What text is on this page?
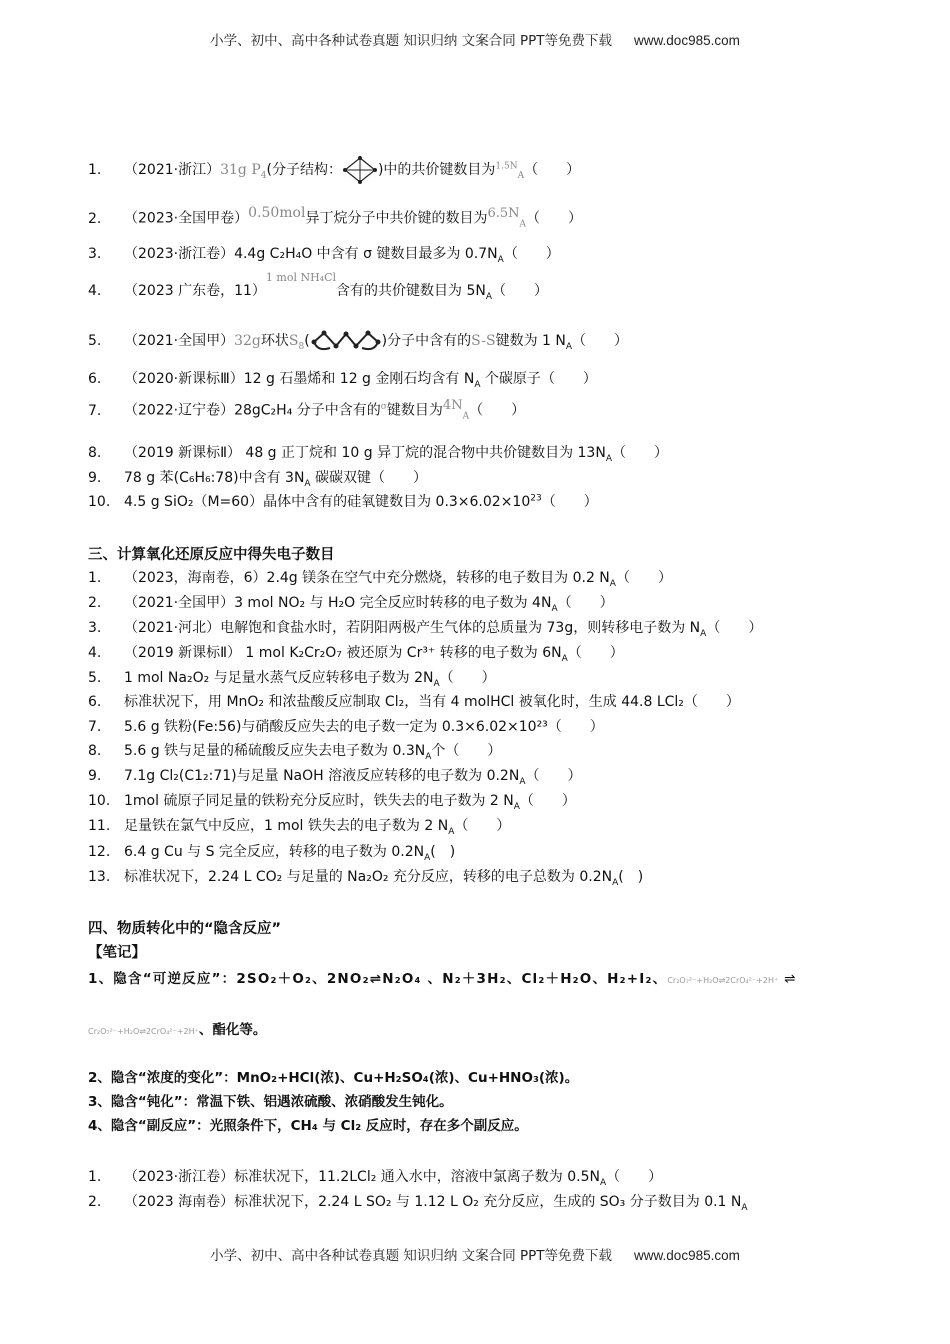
小学、初中、高中各种试卷真题 知识归纳 文案合同 PPT等免费下载 www.doc985.com
1. （2021·浙江）31g $P_4$(分子结构：	)中的共价键数目为$^{1.5N}_A$（　　）
2. （2023·全国甲卷）$^{0.50mol}$异丁烷分子中共价键的数目为$^{6.5N}_A$（　　）
3. （2023·浙江卷）4.4g C₂H₄O 中含有 σ 键数目最多为 $0.7N_A$（　　）
4. （2023 广东卷，11）$^{1 mol NH_4Cl}$含有的共价键数目为 $5N_A$（　　）
5. （2021·全国甲）32g环状$S_8$(	)分子中含有的S-S键数为 1 $N_A$（　　）
6. （2020·新课标Ⅲ）12 g 石墨烯和 12 g 金刚石均含有 $N_A$ 个碳原子（　　）
7. （2022·辽宁卷）28gC₂H₄ 分子中含有的$^\sigma$键数目为$^{4N}_A$（　　）
8. （2019 新课标Ⅱ） 48 g 正丁烷和 10 g 异丁烷的混合物中共价键数目为 $13N_A$（　　）
9. 78 g 苯(C₆H₆:78)中含有 $3N_A$ 碳碳双键（　　）
10. 4.5 g SiO₂（M=60）晶体中含有的硅氧键数目为 $0.3\times 6.02\times 10^{23}$（　　）
三、计算氧化还原反应中得失电子数目
1. （2023，海南卷，6）2.4g 镁条在空气中充分燃烧，转移的电子数目为 0.2 $N_A$（　　）
2. （2021·全国甲）3 mol NO₂ 与 H₂O 完全反应时转移的电子数为 $4N_A$（　　）
3. （2021·河北）电解饱和食盐水时，若阴阳两极产生气体的总质量为 73g，则转移电子数为 $N_A$（　　）
4. （2019 新课标Ⅱ） 1 mol K₂Cr₂O₇ 被还原为 Cr³⁺ 转移的电子数为 $6N_A$（　　）
5. 1 mol Na₂O₂ 与足量水蒸气反应转移电子数为 $2N_A$（　　）
6. 标准状况下，用 MnO₂ 和浓盐酸反应制取 Cl₂，当有 4 molHCl 被氧化时，生成 44.8 LCl₂（　　）
7. 5.6 g 铁粉(Fe:56)与硝酸反应失去的电子数一定为 0.3×6.02×10²³（　　）
8. 5.6 g 铁与足量的稀硫酸反应失去电子数为 $0.3N_A$个（　　）
9. 7.1g Cl₂(C1₂:71)与足量 NaOH 溶液反应转移的电子数为 $0.2N_A$（　　）
10. 1mol 硫原子同足量的铁粉充分反应时，铁失去的电子数为 2 $N_A$（　　）
11. 足量铁在氯气中反应，1 mol 铁失去的电子数为 2 $N_A$（　　）
12. 6.4 g Cu 与 S 完全反应，转移的电子数为 $0.2N_A$(　)
13. 标准状况下，2.24 L CO₂ 与足量的 Na₂O₂ 充分反应，转移的电子总数为 $0.2N_A$(　)
四、物质转化中的“隐含反应”
【笔记】
1、隐含“可逆反应”：2SO₂＋O₂、2NO₂⇌N₂O₄ 、N₂＋3H₂、Cl₂＋H₂O、H₂+I₂、Cr₂O₇²⁻+H₂O⇌2CrO₄²⁻+2H⁺ ⇌
Cr₂O₇²⁻+H₂O⇌2CrO₄²⁻+2H⁺、酯化等。
2、隐含“浓度的变化”：MnO₂+HCl(浓)、Cu+H₂SO₄(浓)、Cu+HNO₃(浓)。
3、隐含“钝化”：常温下铁、铝遇浓硫酸、浓硝酸发生钝化。
4、隐含“副反应”：光照条件下，CH₄ 与 Cl₂ 反应时，存在多个副反应。
1. （2023·浙江卷）标准状况下，11.2LCl₂ 通入水中，溶液中氯离子数为 $0.5N_A$（　　）
2. （2023 海南卷）标准状况下，2.24 L SO₂ 与 1.12 L O₂ 充分反应，生成的 SO₃ 分子数目为 0.1 $N_A$
小学、初中、高中各种试卷真题 知识归纳 文案合同 PPT等免费下载 www.doc985.com
